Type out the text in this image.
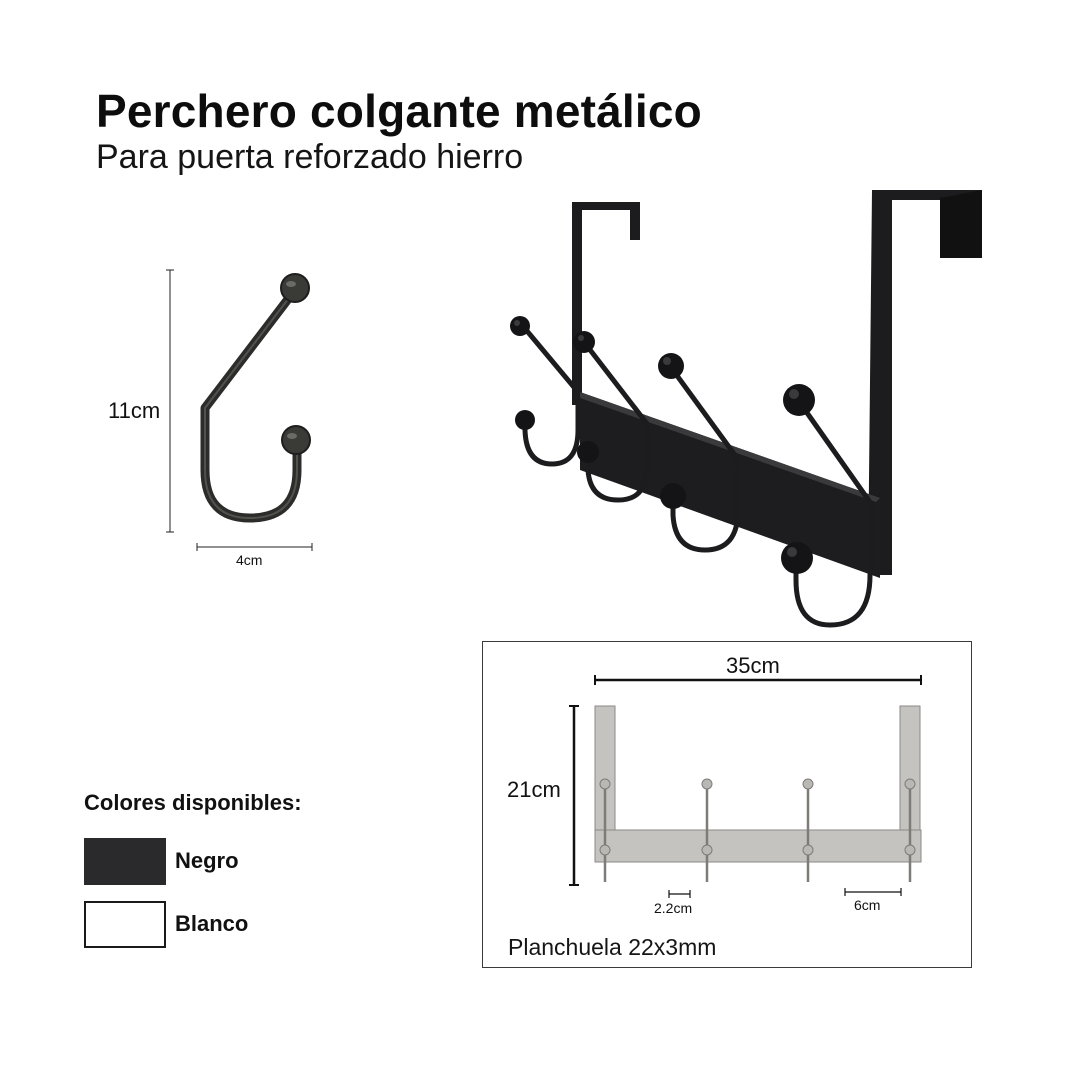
Perchero colgante metálico
Para puerta reforzado hierro
11cm
4cm
35cm
21cm
2.2cm	6cm
Planchuela 22x3mm
Colores disponibles:
Negro
Blanco
